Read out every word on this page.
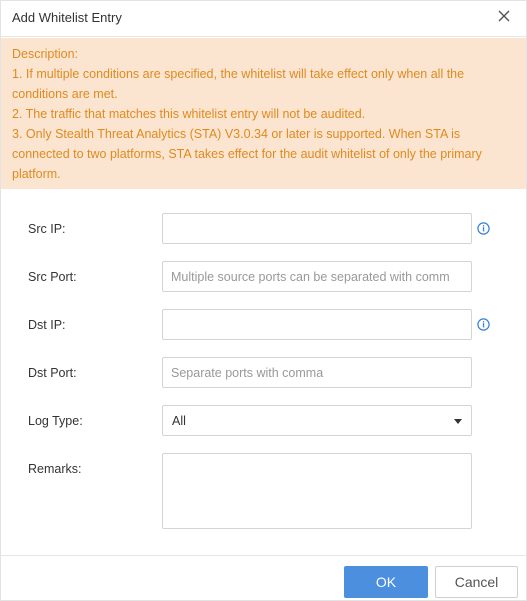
Add Whitelist Entry

Description:

1. If multiple conditions are specified, the whitelist will take effect only when all the conditions are met.

2. The traffic that matches this whitelist entry will not be audited.

3. Only Stealth Threat Analytics (STA) V3.0.34 or later is supported. When STA is connected to two platforms, STA takes effect for the audit whitelist of only the primary platform.

Src IP:
Src Port:
Multiple source ports can be separated with comm
Dst IP:
Dst Port:
Separate ports with comma
Log Type:	All
Remarks:
OK	Cancel
